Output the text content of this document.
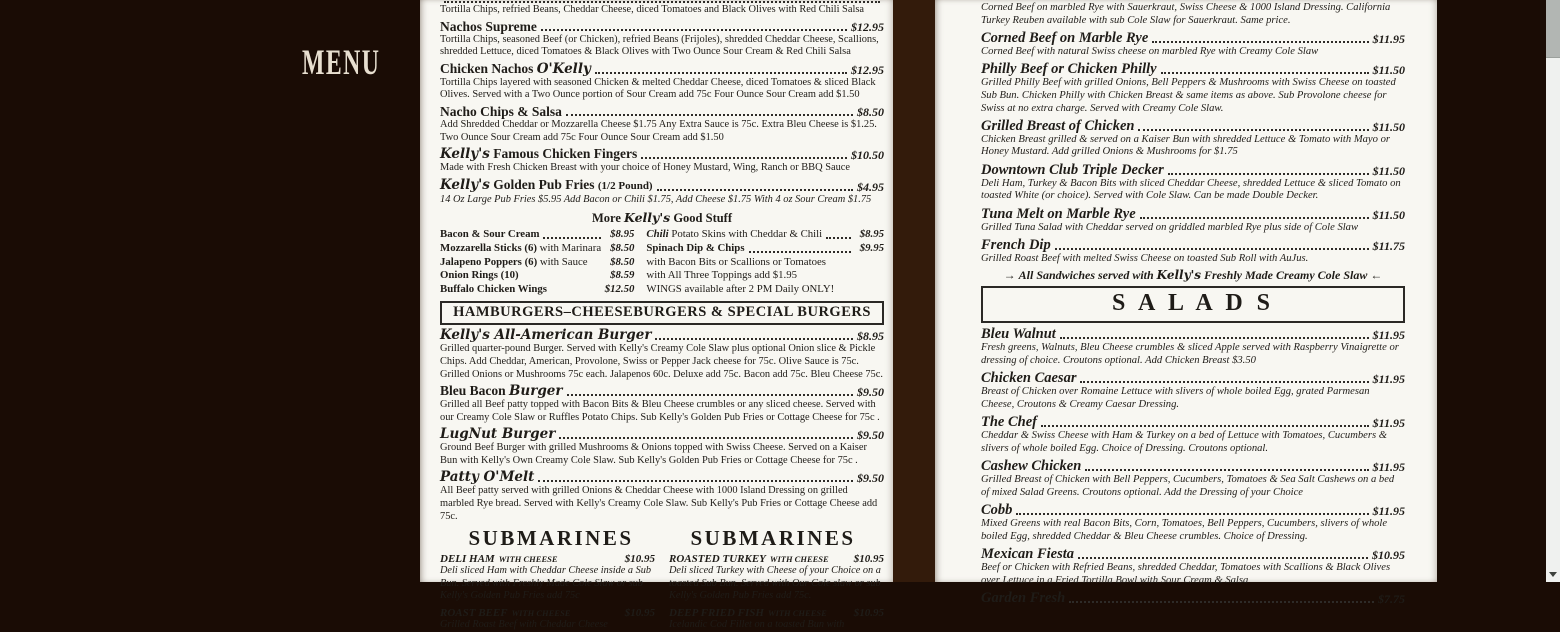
MENU
Tortilla Chips, refried Beans, Cheddar Cheese, diced Tomatoes and Black Olives with Red Chili Salsa
Nachos Supreme	$12.95
Tortilla Chips, seasoned Beef (or Chicken), refried Beans (Frijoles), shredded Cheddar Cheese, Scallions, shredded Lettuce, diced Tomatoes & Black Olives with Two Ounce Sour Cream & Red Chili Salsa
Chicken Nachos O'Kelly	$12.95
Tortilla Chips layered with seasoned Chicken & melted Cheddar Cheese, diced Tomatoes & sliced Black Olives. Served with a Two Ounce portion of Sour Cream add 75c Four Ounce Sour Cream add $1.50
Nacho Chips & Salsa	$8.50
Add Shredded Cheddar or Mozzarella Cheese $1.75 Any Extra Sauce is 75c. Extra Bleu Cheese is $1.25. Two Ounce Sour Cream add 75c Four Ounce Sour Cream add $1.50
Kelly's Famous Chicken Fingers	$10.50
Made with Fresh Chicken Breast with your choice of Honey Mustard, Wing, Ranch or BBQ Sauce
Kelly's Golden Pub Fries (1/2 Pound)	$4.95
14 Oz Large Pub Fries $5.95 Add Bacon or Chili $1.75, Add Cheese $1.75 With 4 oz Sour Cream $1.75
More Kelly's Good Stuff
Bacon & Sour Cream	$8.95
Mozzarella Sticks (6) with Marinara $8.50
Jalapeno Poppers (6) with Sauce $8.50
Onion Rings (10)	$8.59
Buffalo Chicken Wings	$12.50
Chili Potato Skins with Cheddar & Chili	$8.95
Spinach Dip & Chips	$9.95
with Bacon Bits or Scallions or Tomatoes
with All Three Toppings add $1.95
WINGS available after 2 PM Daily ONLY!
HAMBURGERS–CHEESEBURGERS & SPECIAL BURGERS
Kelly's All-American Burger	$8.95
Grilled quarter-pound Burger. Served with Kelly's Creamy Cole Slaw plus optional Onion slice & Pickle Chips. Add Cheddar, American, Provolone, Swiss or Pepper Jack cheese for 75c. Olive Sauce is 75c. Grilled Onions or Mushrooms 75c each. Jalapenos 60c. Deluxe add 75c. Bacon add 75c. Bleu Cheese 75c.
Bleu Bacon Burger	$9.50
Grilled all Beef patty topped with Bacon Bits & Bleu Cheese crumbles or any sliced cheese. Served with our Creamy Cole Slaw or Ruffles Potato Chips. Sub Kelly's Golden Pub Fries or Cottage Cheese for 75c .
LugNut Burger	$9.50
Ground Beef Burger with grilled Mushrooms & Onions topped with Swiss Cheese. Served on a Kaiser Bun with Kelly's Own Creamy Cole Slaw. Sub Kelly's Golden Pub Fries or Cottage Cheese for 75c .
Patty O'Melt	$9.50
All Beef patty served with grilled Onions & Cheddar Cheese with 1000 Island Dressing on grilled marbled Rye bread. Served with Kelly's Creamy Cole Slaw. Sub Kelly's Pub Fries or Cottage Cheese add 75c.
SUBMARINES	SUBMARINES
DELI HAM WITH CHEESE	$10.95
Deli sliced Ham with Cheddar Cheese inside a Sub Bun. Served with Freshly Made Cole Slaw or sub Kelly's Golden Pub Fries add 75c
ROAST BEEF WITH CHEESE	$10.95
Grilled Roast Beef with Cheddar Cheese
ROASTED TURKEY WITH CHEESE $10.95
Deli sliced Turkey with Cheese of your Choice on a toasted Sub Bun. Served with Our Cole slaw or sub Kelly's Golden Pub Fries add 75c.
DEEP FRIED FISH WITH CHEESE $10.95
Icelandic Cod Fillet on a toasted Bun with
Corned Beef on marbled Rye with Sauerkraut, Swiss Cheese & 1000 Island Dressing. California Turkey Reuben available with sub Cole Slaw for Sauerkraut. Same price.
Corned Beef on Marble Rye	$11.95
Corned Beef with natural Swiss cheese on marbled Rye with Creamy Cole Slaw
Philly Beef or Chicken Philly	$11.50
Grilled Philly Beef with grilled Onions, Bell Peppers & Mushrooms with Swiss Cheese on toasted Sub Bun. Chicken Philly with Chicken Breast & same items as above. Sub Provolone cheese for Swiss at no extra charge. Served with Creamy Cole Slaw.
Grilled Breast of Chicken	$11.50
Chicken Breast grilled & served on a Kaiser Bun with shredded Lettuce & Tomato with Mayo or Honey Mustard. Add grilled Onions & Mushrooms for $1.75
Downtown Club Triple Decker	$11.50
Deli Ham, Turkey & Bacon Bits with sliced Cheddar Cheese, shredded Lettuce & sliced Tomato on toasted White (or choice). Served with Cole Slaw. Can be made Double Decker.
Tuna Melt on Marble Rye	$11.50
Grilled Tuna Salad with Cheddar served on griddled marbled Rye plus side of Cole Slaw
French Dip	$11.75
Grilled Roast Beef with melted Swiss Cheese on toasted Sub Roll with AuJus.
→ All Sandwiches served with Kelly's Freshly Made Creamy Cole Slaw ←
S A L A D S
Bleu Walnut	$11.95
Fresh greens, Walnuts, Bleu Cheese crumbles & sliced Apple served with Raspberry Vinaigrette or dressing of choice. Croutons optional. Add Chicken Breast $3.50
Chicken Caesar	$11.95
Breast of Chicken over Romaine Lettuce with slivers of whole boiled Egg, grated Parmesan Cheese, Croutons & Creamy Caesar Dressing.
The Chef	$11.95
Cheddar & Swiss Cheese with Ham & Turkey on a bed of Lettuce with Tomatoes, Cucumbers & slivers of whole boiled Egg. Choice of Dressing. Croutons optional.
Cashew Chicken	$11.95
Grilled Breast of Chicken with Bell Peppers, Cucumbers, Tomatoes & Sea Salt Cashews on a bed of mixed Salad Greens. Croutons optional. Add the Dressing of your Choice
Cobb	$11.95
Mixed Greens with real Bacon Bits, Corn, Tomatoes, Bell Peppers, Cucumbers, slivers of whole boiled Egg, shredded Cheddar & Bleu Cheese crumbles. Choice of Dressing.
Mexican Fiesta	$10.95
Beef or Chicken with Refried Beans, shredded Cheddar, Tomatoes with Scallions & Black Olives over Lettuce in a Fried Tortilla Bowl with Sour Cream & Salsa
Garden Fresh	$7.75
